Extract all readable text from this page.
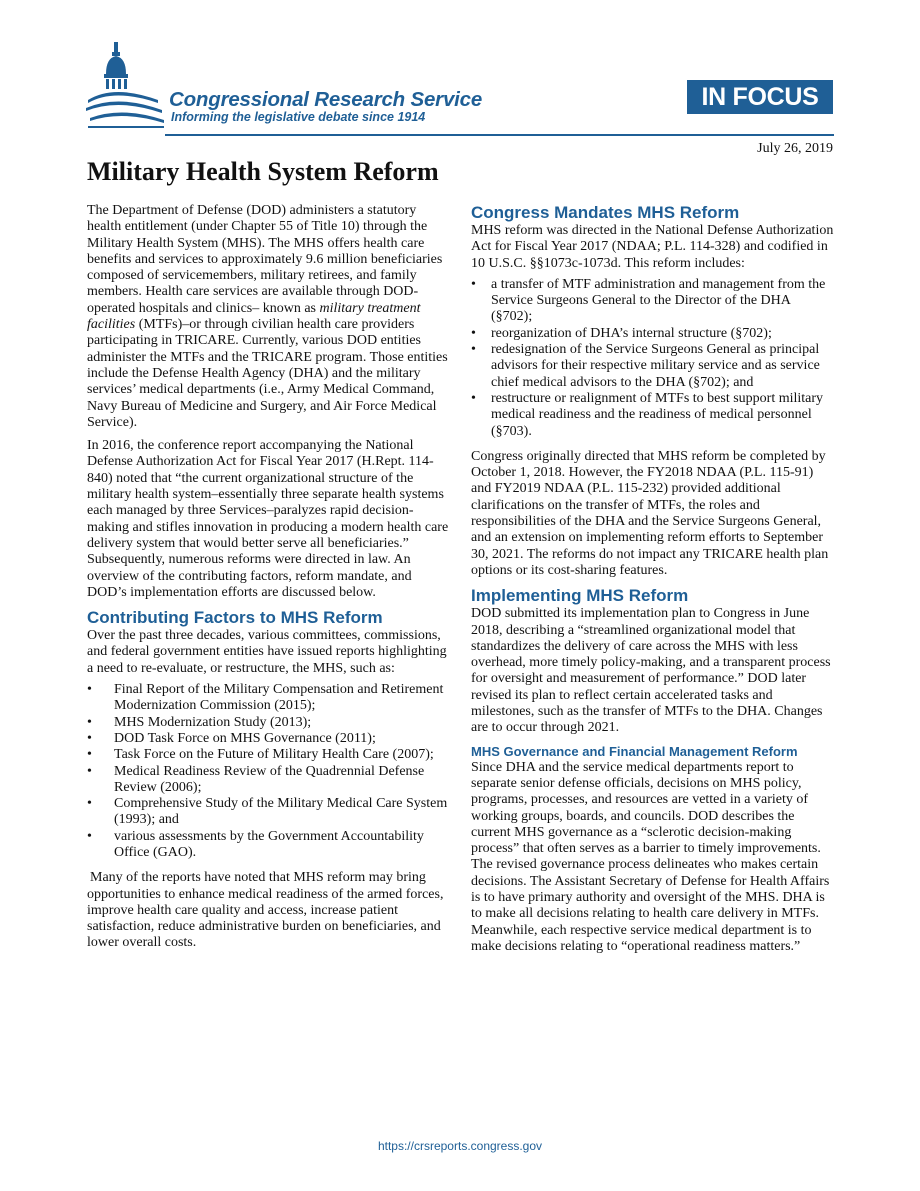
Congressional Research Service
Informing the legislative debate since 1914
IN FOCUS
July 26, 2019
Military Health System Reform

The Department of Defense (DOD) administers a statutory health entitlement (under Chapter 55 of Title 10) through the Military Health System (MHS). The MHS offers health care benefits and services to approximately 9.6 million beneficiaries composed of servicemembers, military retirees, and family members. Health care services are available through DOD-operated hospitals and clinics– known as military treatment facilities (MTFs)–or through civilian health care providers participating in TRICARE. Currently, various DOD entities administer the MTFs and the TRICARE program. Those entities include the Defense Health Agency (DHA) and the military services’ medical departments (i.e., Army Medical Command, Navy Bureau of Medicine and Surgery, and Air Force Medical Service).

In 2016, the conference report accompanying the National Defense Authorization Act for Fiscal Year 2017 (H.Rept. 114-840) noted that “the current organizational structure of the military health system–essentially three separate health systems each managed by three Services–paralyzes rapid decision-making and stifles innovation in producing a modern health care delivery system that would better serve all beneficiaries.” Subsequently, numerous reforms were directed in law. An overview of the contributing factors, reform mandate, and DOD’s implementation efforts are discussed below.

Contributing Factors to MHS Reform

Over the past three decades, various committees, commissions, and federal government entities have issued reports highlighting a need to re-evaluate, or restructure, the MHS, such as:

• Final Report of the Military Compensation and Retirement Modernization Commission (2015);
• MHS Modernization Study (2013);
• DOD Task Force on MHS Governance (2011);
• Task Force on the Future of Military Health Care (2007);
• Medical Readiness Review of the Quadrennial Defense Review (2006);
• Comprehensive Study of the Military Medical Care System (1993); and
• various assessments by the Government Accountability Office (GAO).

Many of the reports have noted that MHS reform may bring opportunities to enhance medical readiness of the armed forces, improve health care quality and access, increase patient satisfaction, reduce administrative burden on beneficiaries, and lower overall costs.

Congress Mandates MHS Reform

MHS reform was directed in the National Defense Authorization Act for Fiscal Year 2017 (NDAA; P.L. 114-328) and codified in 10 U.S.C. §§1073c-1073d. This reform includes:

• a transfer of MTF administration and management from the Service Surgeons General to the Director of the DHA (§702);
• reorganization of DHA’s internal structure (§702);
• redesignation of the Service Surgeons General as principal advisors for their respective military service and as service chief medical advisors to the DHA (§702); and
• restructure or realignment of MTFs to best support military medical readiness and the readiness of medical personnel (§703).

Congress originally directed that MHS reform be completed by October 1, 2018. However, the FY2018 NDAA (P.L. 115-91) and FY2019 NDAA (P.L. 115-232) provided additional clarifications on the transfer of MTFs, the roles and responsibilities of the DHA and the Service Surgeons General, and an extension on implementing reform efforts to September 30, 2021. The reforms do not impact any TRICARE health plan options or its cost-sharing features.

Implementing MHS Reform

DOD submitted its implementation plan to Congress in June 2018, describing a “streamlined organizational model that standardizes the delivery of care across the MHS with less overhead, more timely policy-making, and a transparent process for oversight and measurement of performance.” DOD later revised its plan to reflect certain accelerated tasks and milestones, such as the transfer of MTFs to the DHA. Changes are to occur through 2021.

MHS Governance and Financial Management Reform

Since DHA and the service medical departments report to separate senior defense officials, decisions on MHS policy, programs, processes, and resources are vetted in a variety of working groups, boards, and councils. DOD describes the current MHS governance as a “sclerotic decision-making process” that often serves as a barrier to timely improvements. The revised governance process delineates who makes certain decisions. The Assistant Secretary of Defense for Health Affairs is to have primary authority and oversight of the MHS. DHA is to make all decisions relating to health care delivery in MTFs. Meanwhile, each respective service medical department is to make decisions relating to “operational readiness matters.”

https://crsreports.congress.gov
